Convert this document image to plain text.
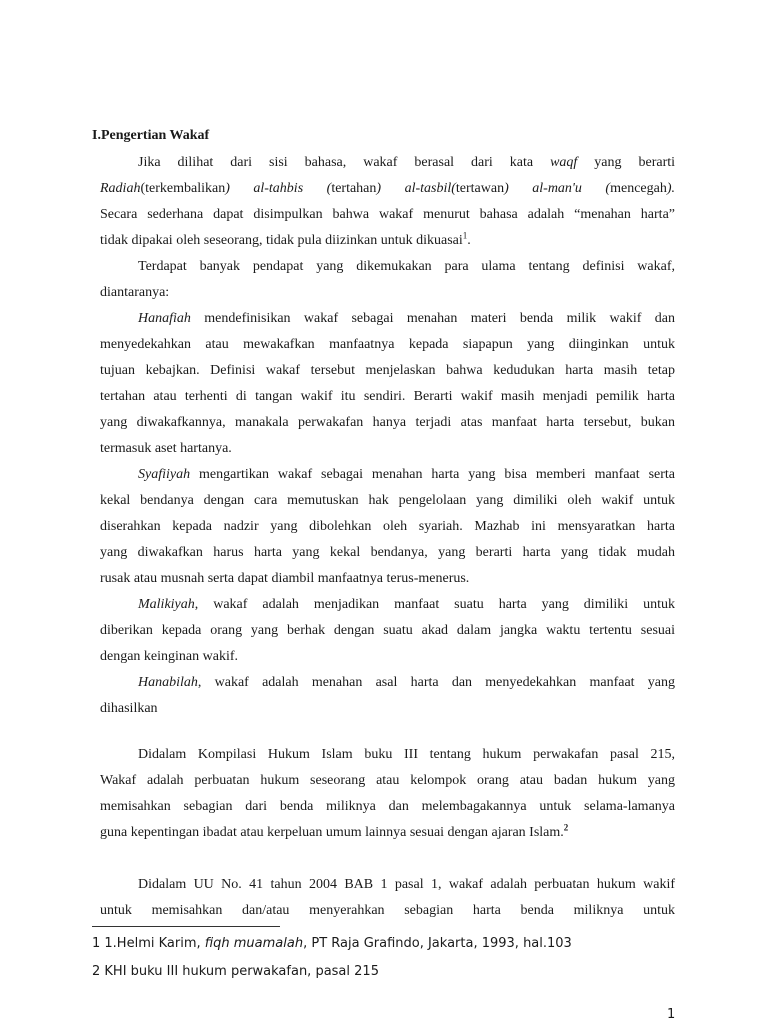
I.Pengertian Wakaf
Jika dilihat dari sisi bahasa, wakaf berasal dari kata waqf yang berarti
Radiah(terkembalikan) al-tahbis (tertahan) al-tasbil(tertawan) al-man'u (mencegah).
Secara sederhana dapat disimpulkan bahwa wakaf menurut bahasa adalah “menahan harta”
tidak dipakai oleh seseorang, tidak pula diizinkan untuk dikuasai$^1$.
Terdapat banyak pendapat yang dikemukakan para ulama tentang definisi wakaf,
diantaranya:
Hanafiah mendefinisikan wakaf sebagai menahan materi benda milik wakif dan
menyedekahkan atau mewakafkan manfaatnya kepada siapapun yang diinginkan untuk
tujuan kebajkan. Definisi wakaf tersebut menjelaskan bahwa kedudukan harta masih tetap
tertahan atau terhenti di tangan wakif itu sendiri. Berarti wakif masih menjadi pemilik harta
yang diwakafkannya, manakala perwakafan hanya terjadi atas manfaat harta tersebut, bukan
termasuk aset hartanya.
Syafiiyah mengartikan wakaf sebagai menahan harta yang bisa memberi manfaat serta
kekal bendanya dengan cara memutuskan hak pengelolaan yang dimiliki oleh wakif untuk
diserahkan kepada nadzir yang dibolehkan oleh syariah. Mazhab ini mensyaratkan harta
yang diwakafkan harus harta yang kekal bendanya, yang berarti harta yang tidak mudah
rusak atau musnah serta dapat diambil manfaatnya terus-menerus.
Malikiyah, wakaf adalah menjadikan manfaat suatu harta yang dimiliki untuk
diberikan kepada orang yang berhak dengan suatu akad dalam jangka waktu tertentu sesuai
dengan keinginan wakif.
Hanabilah, wakaf adalah menahan asal harta dan menyedekahkan manfaat yang
dihasilkan
Didalam Kompilasi Hukum Islam buku III tentang hukum perwakafan pasal 215,
Wakaf adalah perbuatan hukum seseorang atau kelompok orang atau badan hukum yang
memisahkan sebagian dari benda miliknya dan melembagakannya untuk selama-lamanya
guna kepentingan ibadat atau kerpeluan umum lainnya sesuai dengan ajaran Islam.$^2$
Didalam UU No. 41 tahun 2004 BAB 1 pasal 1, wakaf adalah perbuatan hukum wakif
untuk memisahkan dan/atau menyerahkan sebagian harta benda miliknya untuk
1 1.Helmi Karim, fiqh muamalah, PT Raja Grafindo, Jakarta, 1993, hal.103
2 KHI buku III hukum perwakafan, pasal 215
1
